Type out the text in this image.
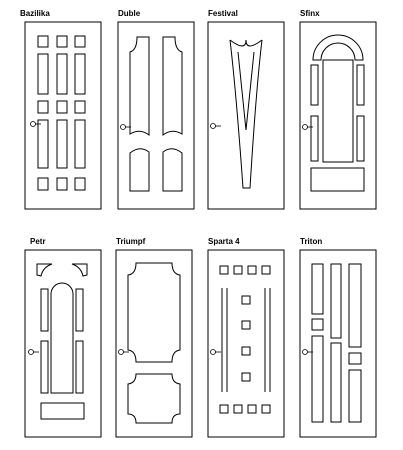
Bazilika	Duble	Festival	Sfinx
Petr	Triumpf	Sparta 4	Triton
